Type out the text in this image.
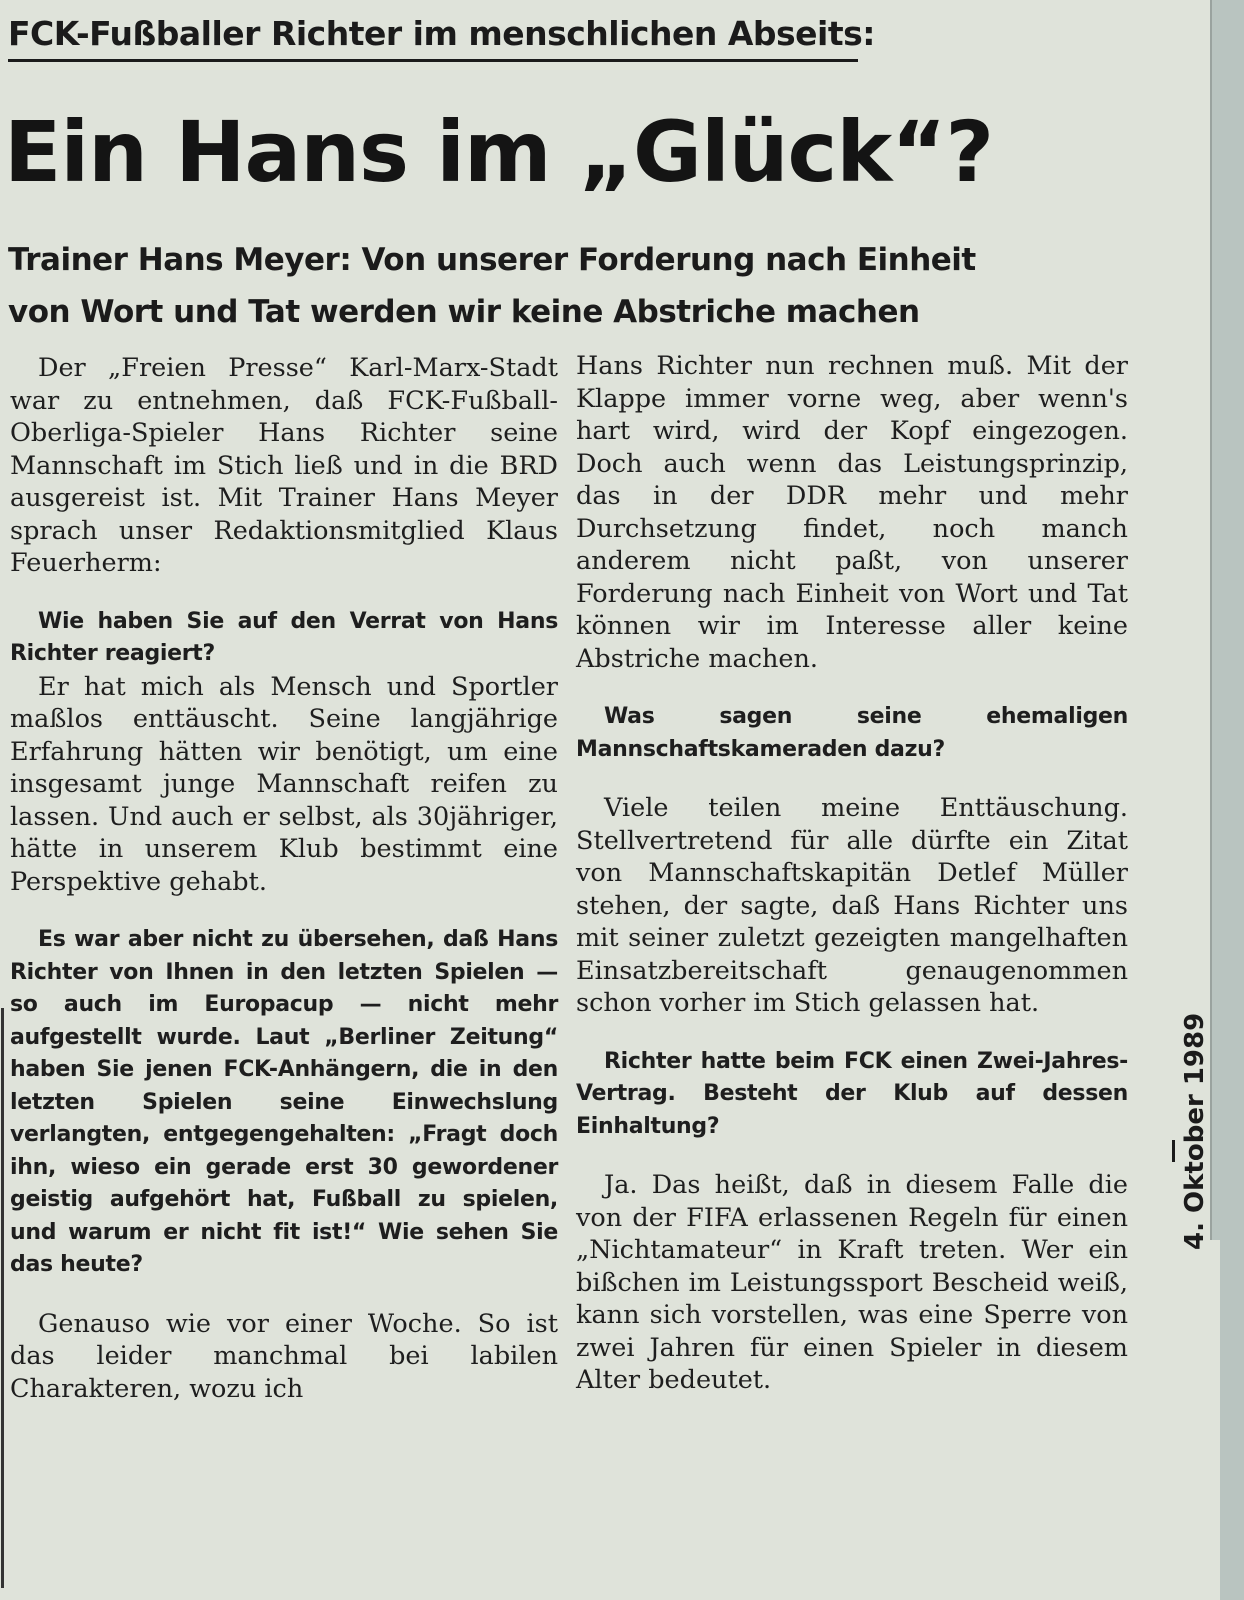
FCK-Fußballer Richter im menschlichen Abseits:
Ein Hans im „Glück“?
Trainer Hans Meyer: Von unserer Forderung nach Einheit
von Wort und Tat werden wir keine Abstriche machen

Der „Freien Presse“ Karl-Marx-Stadt war zu entnehmen, daß FCK-Fußball-Oberliga-Spieler Hans Richter seine Mannschaft im Stich ließ und in die BRD ausgereist ist. Mit Trainer Hans Meyer sprach unser Redaktionsmitglied Klaus Feuerherm:

Wie haben Sie auf den Verrat von Hans Richter reagiert?

Er hat mich als Mensch und Sportler maßlos enttäuscht. Seine langjährige Erfahrung hätten wir benötigt, um eine insgesamt junge Mannschaft reifen zu lassen. Und auch er selbst, als 30jähriger, hätte in unserem Klub bestimmt eine Perspektive gehabt.

Es war aber nicht zu übersehen, daß Hans Richter von Ihnen in den letzten Spielen — so auch im Europacup — nicht mehr aufgestellt wurde. Laut „Berliner Zeitung“ haben Sie jenen FCK-Anhängern, die in den letzten Spielen seine Einwechslung verlangten, entgegengehalten: „Fragt doch ihn, wieso ein gerade erst 30 gewordener geistig aufgehört hat, Fußball zu spielen, und warum er nicht fit ist!“ Wie sehen Sie das heute?

Genauso wie vor einer Woche. So ist das leider manchmal bei labilen Charakteren, wozu ich

Hans Richter nun rechnen muß. Mit der Klappe immer vorne weg, aber wenn's hart wird, wird der Kopf eingezogen. Doch auch wenn das Leistungsprinzip, das in der DDR mehr und mehr Durchsetzung findet, noch manch anderem nicht paßt, von unserer Forderung nach Einheit von Wort und Tat können wir im Interesse aller keine Abstriche machen.

Was sagen seine ehemaligen Mannschaftskameraden dazu?

Viele teilen meine Enttäuschung. Stellvertretend für alle dürfte ein Zitat von Mannschaftskapitän Detlef Müller stehen, der sagte, daß Hans Richter uns mit seiner zuletzt gezeigten mangelhaften Einsatzbereitschaft genaugenommen schon vorher im Stich gelassen hat.

Richter hatte beim FCK einen Zwei-Jahres-Vertrag. Besteht der Klub auf dessen Einhaltung?

Ja. Das heißt, daß in diesem Falle die von der FIFA erlassenen Regeln für einen „Nichtamateur“ in Kraft treten. Wer ein bißchen im Leistungssport Bescheid weiß, kann sich vorstellen, was eine Sperre von zwei Jahren für einen Spieler in diesem Alter bedeutet.

4. Oktober 1989
